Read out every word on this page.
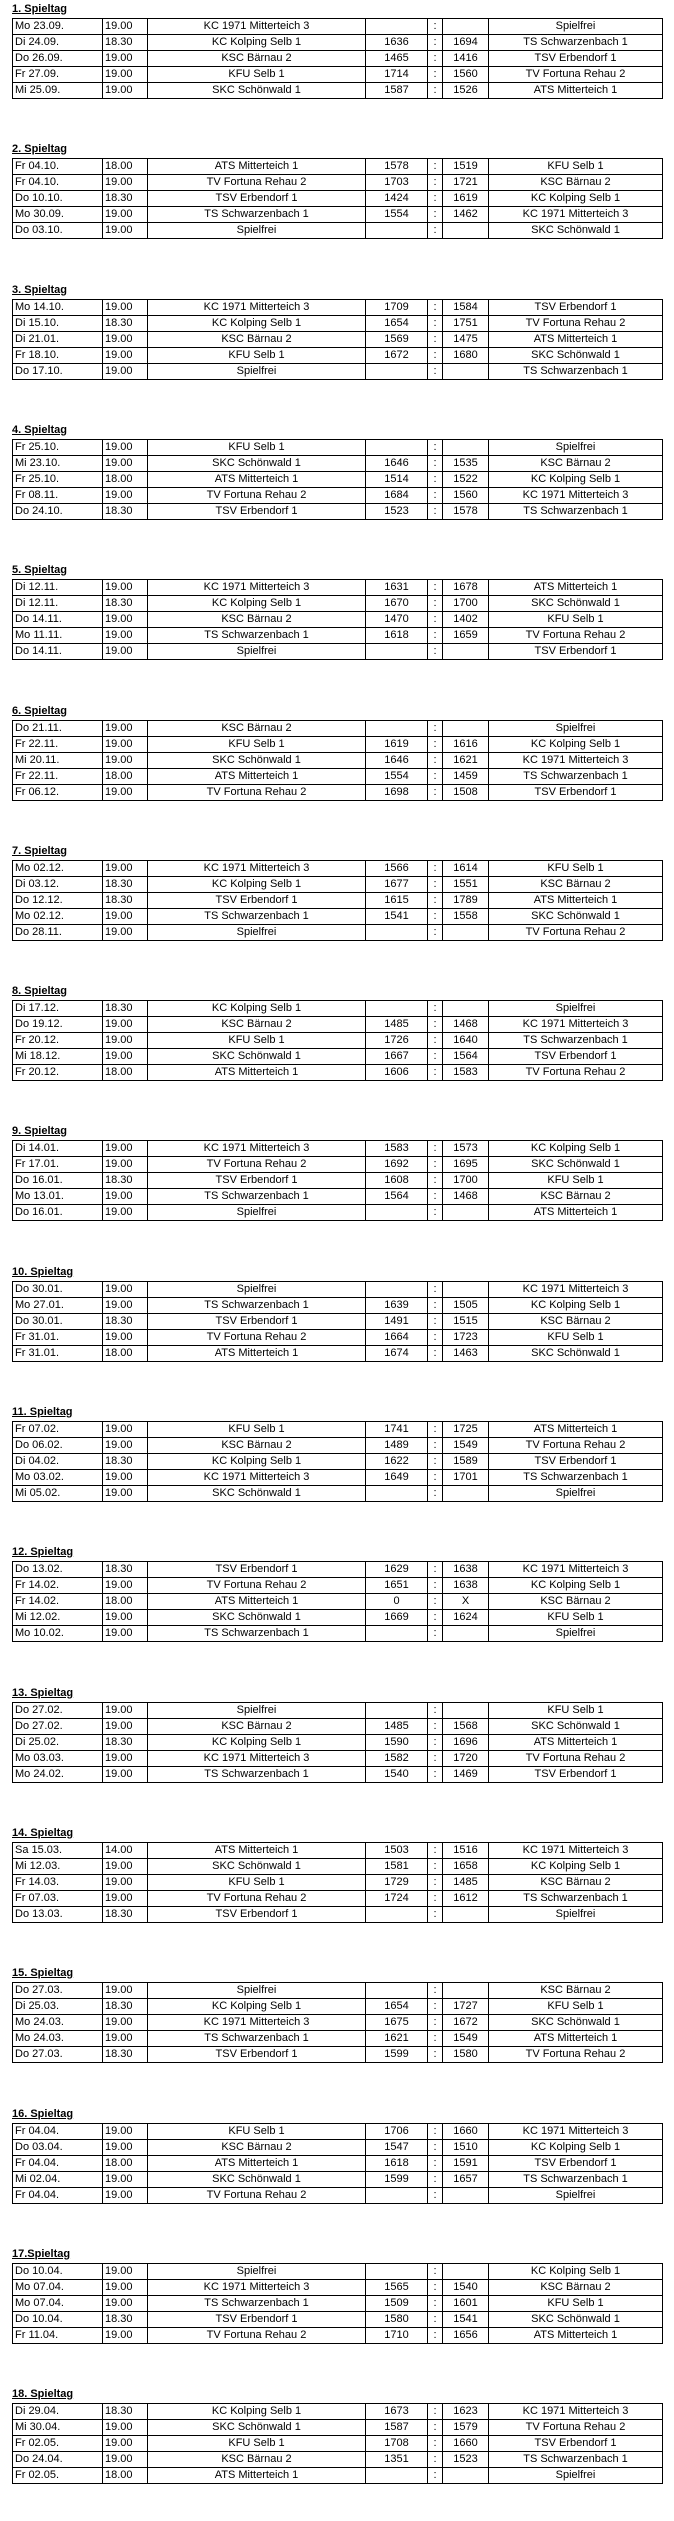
1. Spieltag
Mo 23.09.	19.00	KC 1971 Mitterteich 3		:		Spielfrei
Di 24.09.	18.30	KC Kolping Selb 1	1636	:	1694	TS Schwarzenbach 1
Do 26.09.	19.00	KSC Bärnau 2	1465	:	1416	TSV Erbendorf 1
Fr 27.09.	19.00	KFU Selb 1	1714	:	1560	TV Fortuna Rehau 2
Mi 25.09.	19.00	SKC Schönwald 1	1587	:	1526	ATS Mitterteich 1
2. Spieltag
Fr 04.10.	18.00	ATS Mitterteich 1	1578	:	1519	KFU Selb 1
Fr 04.10.	19.00	TV Fortuna Rehau 2	1703	:	1721	KSC Bärnau 2
Do 10.10.	18.30	TSV Erbendorf 1	1424	:	1619	KC Kolping Selb 1
Mo 30.09.	19.00	TS Schwarzenbach 1	1554	:	1462	KC 1971 Mitterteich 3
Do 03.10.	19.00	Spielfrei		:		SKC Schönwald 1
3. Spieltag
Mo 14.10.	19.00	KC 1971 Mitterteich 3	1709	:	1584	TSV Erbendorf 1
Di 15.10.	18.30	KC Kolping Selb 1	1654	:	1751	TV Fortuna Rehau 2
Di 21.01.	19.00	KSC Bärnau 2	1569	:	1475	ATS Mitterteich 1
Fr 18.10.	19.00	KFU Selb 1	1672	:	1680	SKC Schönwald 1
Do 17.10.	19.00	Spielfrei		:		TS Schwarzenbach 1
4. Spieltag
Fr 25.10.	19.00	KFU Selb 1		:		Spielfrei
Mi 23.10.	19.00	SKC Schönwald 1	1646	:	1535	KSC Bärnau 2
Fr 25.10.	18.00	ATS Mitterteich 1	1514	:	1522	KC Kolping Selb 1
Fr 08.11.	19.00	TV Fortuna Rehau 2	1684	:	1560	KC 1971 Mitterteich 3
Do 24.10.	18.30	TSV Erbendorf 1	1523	:	1578	TS Schwarzenbach 1
5. Spieltag
Di 12.11.	19.00	KC 1971 Mitterteich 3	1631	:	1678	ATS Mitterteich 1
Di 12.11.	18.30	KC Kolping Selb 1	1670	:	1700	SKC Schönwald 1
Do 14.11.	19.00	KSC Bärnau 2	1470	:	1402	KFU Selb 1
Mo 11.11.	19.00	TS Schwarzenbach 1	1618	:	1659	TV Fortuna Rehau 2
Do 14.11.	19.00	Spielfrei		:		TSV Erbendorf 1
6. Spieltag
Do 21.11.	19.00	KSC Bärnau 2		:		Spielfrei
Fr 22.11.	19.00	KFU Selb 1	1619	:	1616	KC Kolping Selb 1
Mi 20.11.	19.00	SKC Schönwald 1	1646	:	1621	KC 1971 Mitterteich 3
Fr 22.11.	18.00	ATS Mitterteich 1	1554	:	1459	TS Schwarzenbach 1
Fr 06.12.	19.00	TV Fortuna Rehau 2	1698	:	1508	TSV Erbendorf 1
7. Spieltag
Mo 02.12.	19.00	KC 1971 Mitterteich 3	1566	:	1614	KFU Selb 1
Di 03.12.	18.30	KC Kolping Selb 1	1677	:	1551	KSC Bärnau 2
Do 12.12.	18.30	TSV Erbendorf 1	1615	:	1789	ATS Mitterteich 1
Mo 02.12.	19.00	TS Schwarzenbach 1	1541	:	1558	SKC Schönwald 1
Do 28.11.	19.00	Spielfrei		:		TV Fortuna Rehau 2
8. Spieltag
Di 17.12.	18.30	KC Kolping Selb 1		:		Spielfrei
Do 19.12.	19.00	KSC Bärnau 2	1485	:	1468	KC 1971 Mitterteich 3
Fr 20.12.	19.00	KFU Selb 1	1726	:	1640	TS Schwarzenbach 1
Mi 18.12.	19.00	SKC Schönwald 1	1667	:	1564	TSV Erbendorf 1
Fr 20.12.	18.00	ATS Mitterteich 1	1606	:	1583	TV Fortuna Rehau 2
9. Spieltag
Di 14.01.	19.00	KC 1971 Mitterteich 3	1583	:	1573	KC Kolping Selb 1
Fr 17.01.	19.00	TV Fortuna Rehau 2	1692	:	1695	SKC Schönwald 1
Do 16.01.	18.30	TSV Erbendorf 1	1608	:	1700	KFU Selb 1
Mo 13.01.	19.00	TS Schwarzenbach 1	1564	:	1468	KSC Bärnau 2
Do 16.01.	19.00	Spielfrei		:		ATS Mitterteich 1
10. Spieltag
Do 30.01.	19.00	Spielfrei		:		KC 1971 Mitterteich 3
Mo 27.01.	19.00	TS Schwarzenbach 1	1639	:	1505	KC Kolping Selb 1
Do 30.01.	18.30	TSV Erbendorf 1	1491	:	1515	KSC Bärnau 2
Fr 31.01.	19.00	TV Fortuna Rehau 2	1664	:	1723	KFU Selb 1
Fr 31.01.	18.00	ATS Mitterteich 1	1674	:	1463	SKC Schönwald 1
11. Spieltag
Fr 07.02.	19.00	KFU Selb 1	1741	:	1725	ATS Mitterteich 1
Do 06.02.	19.00	KSC Bärnau 2	1489	:	1549	TV Fortuna Rehau 2
Di 04.02.	18.30	KC Kolping Selb 1	1622	:	1589	TSV Erbendorf 1
Mo 03.02.	19.00	KC 1971 Mitterteich 3	1649	:	1701	TS Schwarzenbach 1
Mi 05.02.	19.00	SKC Schönwald 1		:		Spielfrei
12. Spieltag
Do 13.02.	18.30	TSV Erbendorf 1	1629	:	1638	KC 1971 Mitterteich 3
Fr 14.02.	19.00	TV Fortuna Rehau 2	1651	:	1638	KC Kolping Selb 1
Fr 14.02.	18.00	ATS Mitterteich 1	0	:	X	KSC Bärnau 2
Mi 12.02.	19.00	SKC Schönwald 1	1669	:	1624	KFU Selb 1
Mo 10.02.	19.00	TS Schwarzenbach 1		:		Spielfrei
13. Spieltag
Do 27.02.	19.00	Spielfrei		:		KFU Selb 1
Do 27.02.	19.00	KSC Bärnau 2	1485	:	1568	SKC Schönwald 1
Di 25.02.	18.30	KC Kolping Selb 1	1590	:	1696	ATS Mitterteich 1
Mo 03.03.	19.00	KC 1971 Mitterteich 3	1582	:	1720	TV Fortuna Rehau 2
Mo 24.02.	19.00	TS Schwarzenbach 1	1540	:	1469	TSV Erbendorf 1
14. Spieltag
Sa 15.03.	14.00	ATS Mitterteich 1	1503	:	1516	KC 1971 Mitterteich 3
Mi 12.03.	19.00	SKC Schönwald 1	1581	:	1658	KC Kolping Selb 1
Fr 14.03.	19.00	KFU Selb 1	1729	:	1485	KSC Bärnau 2
Fr 07.03.	19.00	TV Fortuna Rehau 2	1724	:	1612	TS Schwarzenbach 1
Do 13.03.	18.30	TSV Erbendorf 1		:		Spielfrei
15. Spieltag
Do 27.03.	19.00	Spielfrei		:		KSC Bärnau 2
Di 25.03.	18.30	KC Kolping Selb 1	1654	:	1727	KFU Selb 1
Mo 24.03.	19.00	KC 1971 Mitterteich 3	1675	:	1672	SKC Schönwald 1
Mo 24.03.	19.00	TS Schwarzenbach 1	1621	:	1549	ATS Mitterteich 1
Do 27.03.	18.30	TSV Erbendorf 1	1599	:	1580	TV Fortuna Rehau 2
16. Spieltag
Fr 04.04.	19.00	KFU Selb 1	1706	:	1660	KC 1971 Mitterteich 3
Do 03.04.	19.00	KSC Bärnau 2	1547	:	1510	KC Kolping Selb 1
Fr 04.04.	18.00	ATS Mitterteich 1	1618	:	1591	TSV Erbendorf 1
Mi 02.04.	19.00	SKC Schönwald 1	1599	:	1657	TS Schwarzenbach 1
Fr 04.04.	19.00	TV Fortuna Rehau 2		:		Spielfrei
17.Spieltag
Do 10.04.	19.00	Spielfrei		:		KC Kolping Selb 1
Mo 07.04.	19.00	KC 1971 Mitterteich 3	1565	:	1540	KSC Bärnau 2
Mo 07.04.	19.00	TS Schwarzenbach 1	1509	:	1601	KFU Selb 1
Do 10.04.	18.30	TSV Erbendorf 1	1580	:	1541	SKC Schönwald 1
Fr 11.04.	19.00	TV Fortuna Rehau 2	1710	:	1656	ATS Mitterteich 1
18. Spieltag
Di 29.04.	18.30	KC Kolping Selb 1	1673	:	1623	KC 1971 Mitterteich 3
Mi 30.04.	19.00	SKC Schönwald 1	1587	:	1579	TV Fortuna Rehau 2
Fr 02.05.	19.00	KFU Selb 1	1708	:	1660	TSV Erbendorf 1
Do 24.04.	19.00	KSC Bärnau 2	1351	:	1523	TS Schwarzenbach 1
Fr 02.05.	18.00	ATS Mitterteich 1		:		Spielfrei
